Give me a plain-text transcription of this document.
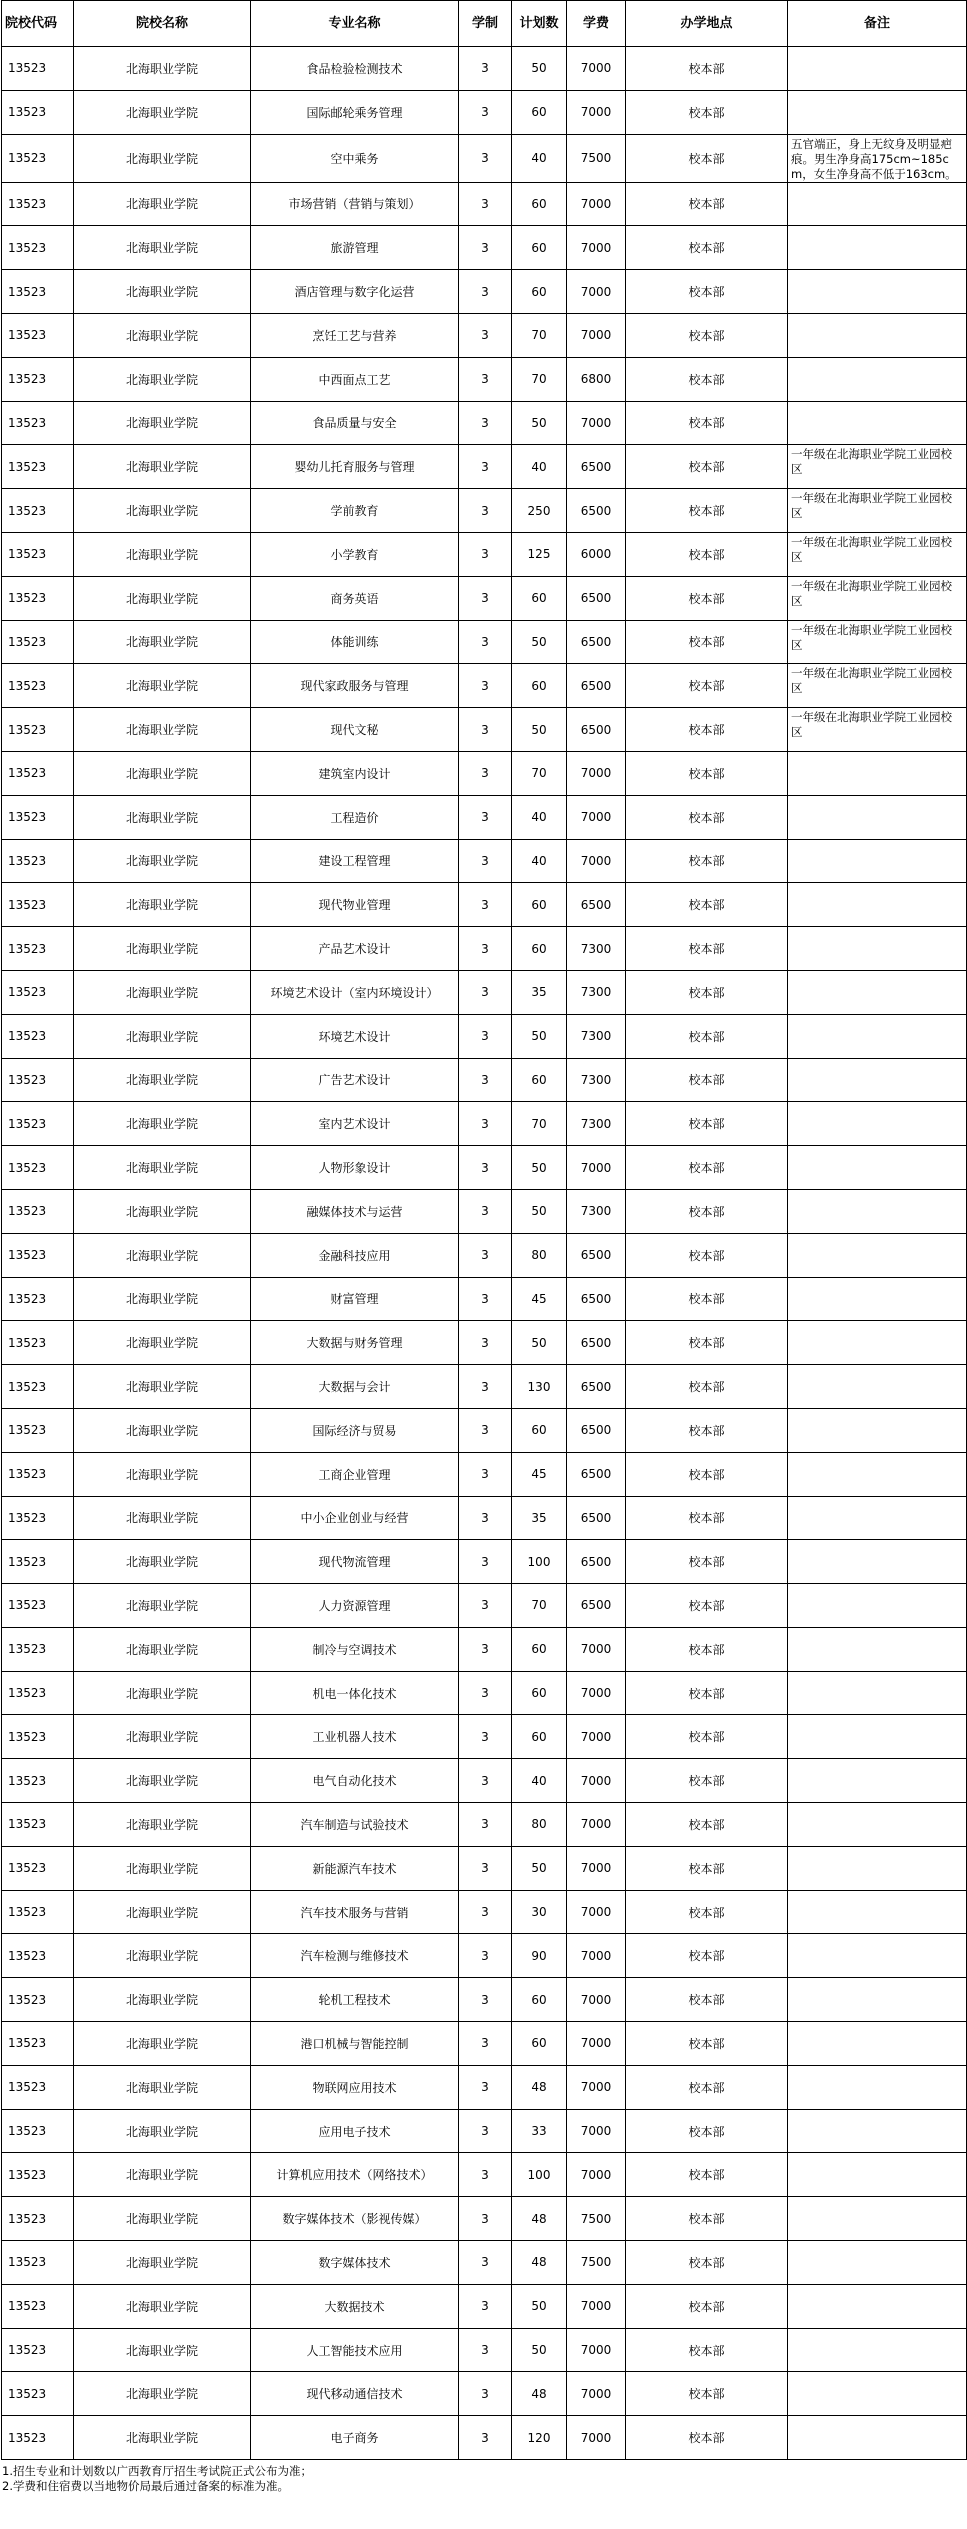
院校代码	院校名称	专业名称	学制	计划数	学费	办学地点	备注
13523	北海职业学院	食品检验检测技术	3	50	7000	校本部	
13523	北海职业学院	国际邮轮乘务管理	3	60	7000	校本部	
13523	北海职业学院	空中乘务	3	40	7500	校本部	五官端正，身上无纹身及明显疤痕。男生净身高175cm~185cm，女生净身高不低于163cm。
13523	北海职业学院	市场营销（营销与策划）	3	60	7000	校本部	
13523	北海职业学院	旅游管理	3	60	7000	校本部	
13523	北海职业学院	酒店管理与数字化运营	3	60	7000	校本部	
13523	北海职业学院	烹饪工艺与营养	3	70	7000	校本部	
13523	北海职业学院	中西面点工艺	3	70	6800	校本部	
13523	北海职业学院	食品质量与安全	3	50	7000	校本部	
13523	北海职业学院	婴幼儿托育服务与管理	3	40	6500	校本部	一年级在北海职业学院工业园校区
13523	北海职业学院	学前教育	3	250	6500	校本部	一年级在北海职业学院工业园校区
13523	北海职业学院	小学教育	3	125	6000	校本部	一年级在北海职业学院工业园校区
13523	北海职业学院	商务英语	3	60	6500	校本部	一年级在北海职业学院工业园校区
13523	北海职业学院	体能训练	3	50	6500	校本部	一年级在北海职业学院工业园校区
13523	北海职业学院	现代家政服务与管理	3	60	6500	校本部	一年级在北海职业学院工业园校区
13523	北海职业学院	现代文秘	3	50	6500	校本部	一年级在北海职业学院工业园校区
13523	北海职业学院	建筑室内设计	3	70	7000	校本部	
13523	北海职业学院	工程造价	3	40	7000	校本部	
13523	北海职业学院	建设工程管理	3	40	7000	校本部	
13523	北海职业学院	现代物业管理	3	60	6500	校本部	
13523	北海职业学院	产品艺术设计	3	60	7300	校本部	
13523	北海职业学院	环境艺术设计（室内环境设计）	3	35	7300	校本部	
13523	北海职业学院	环境艺术设计	3	50	7300	校本部	
13523	北海职业学院	广告艺术设计	3	60	7300	校本部	
13523	北海职业学院	室内艺术设计	3	70	7300	校本部	
13523	北海职业学院	人物形象设计	3	50	7000	校本部	
13523	北海职业学院	融媒体技术与运营	3	50	7300	校本部	
13523	北海职业学院	金融科技应用	3	80	6500	校本部	
13523	北海职业学院	财富管理	3	45	6500	校本部	
13523	北海职业学院	大数据与财务管理	3	50	6500	校本部	
13523	北海职业学院	大数据与会计	3	130	6500	校本部	
13523	北海职业学院	国际经济与贸易	3	60	6500	校本部	
13523	北海职业学院	工商企业管理	3	45	6500	校本部	
13523	北海职业学院	中小企业创业与经营	3	35	6500	校本部	
13523	北海职业学院	现代物流管理	3	100	6500	校本部	
13523	北海职业学院	人力资源管理	3	70	6500	校本部	
13523	北海职业学院	制冷与空调技术	3	60	7000	校本部	
13523	北海职业学院	机电一体化技术	3	60	7000	校本部	
13523	北海职业学院	工业机器人技术	3	60	7000	校本部	
13523	北海职业学院	电气自动化技术	3	40	7000	校本部	
13523	北海职业学院	汽车制造与试验技术	3	80	7000	校本部	
13523	北海职业学院	新能源汽车技术	3	50	7000	校本部	
13523	北海职业学院	汽车技术服务与营销	3	30	7000	校本部	
13523	北海职业学院	汽车检测与维修技术	3	90	7000	校本部	
13523	北海职业学院	轮机工程技术	3	60	7000	校本部	
13523	北海职业学院	港口机械与智能控制	3	60	7000	校本部	
13523	北海职业学院	物联网应用技术	3	48	7000	校本部	
13523	北海职业学院	应用电子技术	3	33	7000	校本部	
13523	北海职业学院	计算机应用技术（网络技术）	3	100	7000	校本部	
13523	北海职业学院	数字媒体技术（影视传媒）	3	48	7500	校本部	
13523	北海职业学院	数字媒体技术	3	48	7500	校本部	
13523	北海职业学院	大数据技术	3	50	7000	校本部	
13523	北海职业学院	人工智能技术应用	3	50	7000	校本部	
13523	北海职业学院	现代移动通信技术	3	48	7000	校本部	
13523	北海职业学院	电子商务	3	120	7000	校本部	
1.招生专业和计划数以广西教育厅招生考试院正式公布为准；
2.学费和住宿费以当地物价局最后通过备案的标准为准。
